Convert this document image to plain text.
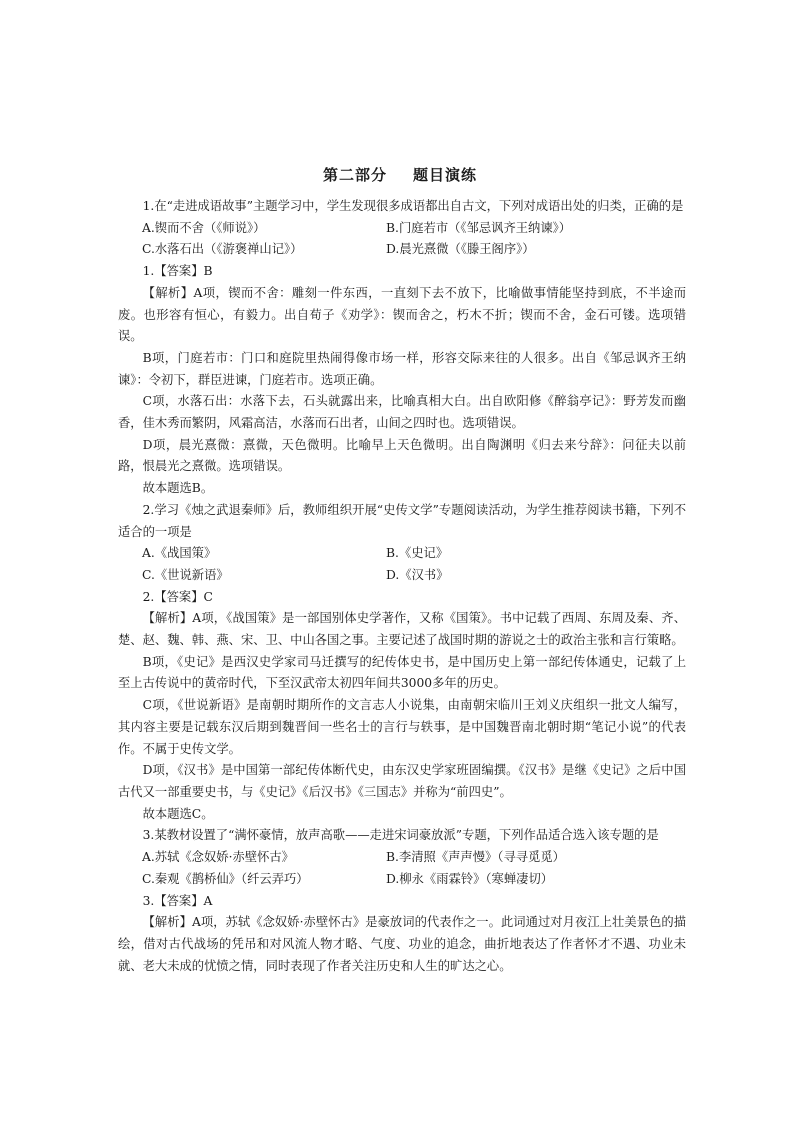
第二部分 题目演练

1.在“走进成语故事”主题学习中，学生发现很多成语都出自古文，下列对成语出处的归类，正确的是

A.锲而不舍（《师说》）	B.门庭若市（《邹忌讽齐王纳谏》）
C.水落石出（《游褒禅山记》）	D.晨光熹微（《滕王阁序》）

1.【答案】B

【解析】A项，锲而不舍：雕刻一件东西，一直刻下去不放下，比喻做事情能坚持到底，不半途而废。也形容有恒心，有毅力。出自荀子《劝学》：锲而舍之，朽木不折；锲而不舍，金石可镂。选项错误。

B项，门庭若市：门口和庭院里热闹得像市场一样，形容交际来往的人很多。出自《邹忌讽齐王纳谏》：令初下，群臣进谏，门庭若市。选项正确。

C项，水落石出：水落下去，石头就露出来，比喻真相大白。出自欧阳修《醉翁亭记》：野芳发而幽香，佳木秀而繁阴，风霜高洁，水落而石出者，山间之四时也。选项错误。

D项，晨光熹微：熹微，天色微明。比喻早上天色微明。出自陶渊明《归去来兮辞》：问征夫以前路，恨晨光之熹微。选项错误。

故本题选B。

2.学习《烛之武退秦师》后，教师组织开展“史传文学”专题阅读活动，为学生推荐阅读书籍，下列不适合的一项是

A.《战国策》	B.《史记》
C.《世说新语》	D.《汉书》

2.【答案】C

【解析】A项，《战国策》是一部国别体史学著作，又称《国策》。书中记载了西周、东周及秦、齐、楚、赵、魏、韩、燕、宋、卫、中山各国之事。主要记述了战国时期的游说之士的政治主张和言行策略。

B项，《史记》是西汉史学家司马迁撰写的纪传体史书，是中国历史上第一部纪传体通史，记载了上至上古传说中的黄帝时代，下至汉武帝太初四年间共3000多年的历史。

C项，《世说新语》是南朝时期所作的文言志人小说集，由南朝宋临川王刘义庆组织一批文人编写，其内容主要是记载东汉后期到魏晋间一些名士的言行与轶事，是中国魏晋南北朝时期“笔记小说”的代表作。不属于史传文学。

D项，《汉书》是中国第一部纪传体断代史，由东汉史学家班固编撰。《汉书》是继《史记》之后中国古代又一部重要史书，与《史记》《后汉书》《三国志》并称为“前四史”。

故本题选C。

3.某教材设置了“满怀豪情，放声高歌——走进宋词豪放派”专题，下列作品适合选入该专题的是

A.苏轼《念奴娇·赤壁怀古》	B.李清照《声声慢》（寻寻觅觅）
C.秦观《鹊桥仙》（纤云弄巧）	D.柳永《雨霖铃》（寒蝉凄切）

3.【答案】A

【解析】A项，苏轼《念奴娇·赤壁怀古》是豪放词的代表作之一。此词通过对月夜江上壮美景色的描绘，借对古代战场的凭吊和对风流人物才略、气度、功业的追念，曲折地表达了作者怀才不遇、功业未就、老大未成的忧愤之情，同时表现了作者关注历史和人生的旷达之心。
